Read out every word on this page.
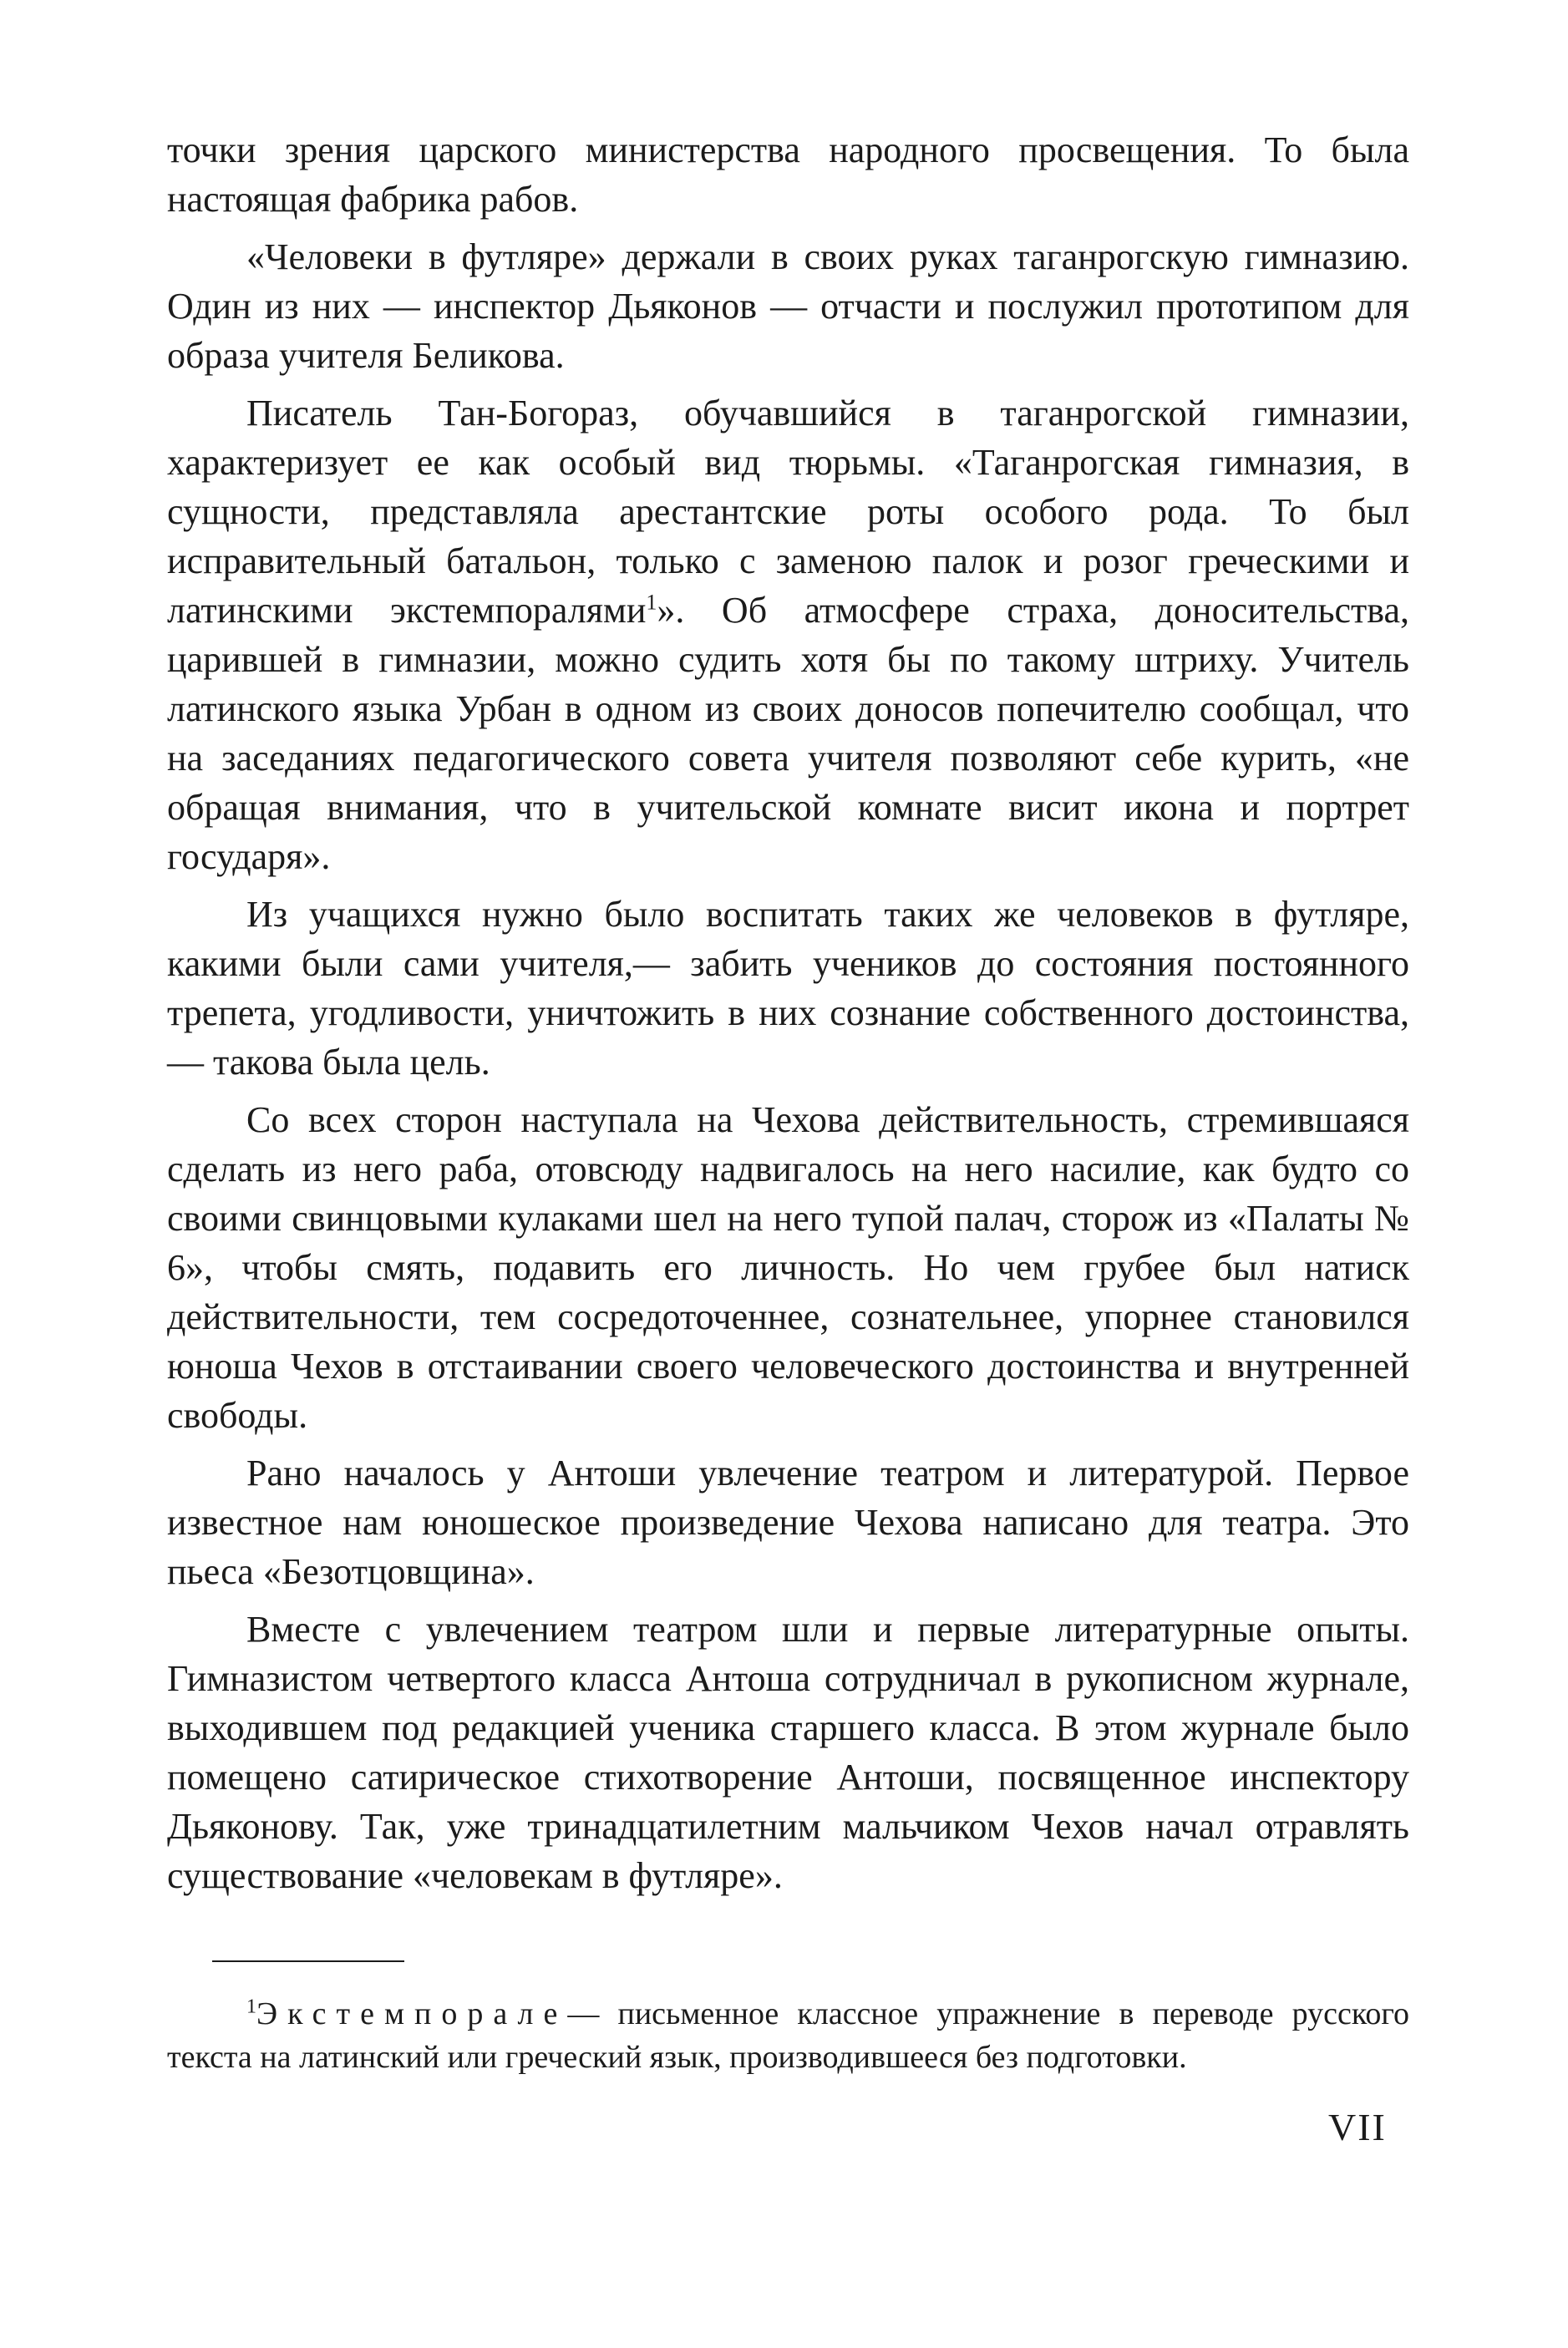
точки зрения царского министерства народного просвещения. То была настоящая фабрика рабов.

«Человеки в футляре» держали в своих руках таганрогскую гимназию. Один из них — инспектор Дьяконов — отчасти и послужил прототипом для образа учителя Беликова.

Писатель Тан-Богораз, обучавшийся в таганрогской гимназии, характеризует ее как особый вид тюрьмы. «Таганрогская гимназия, в сущности, представляла арестантские роты особого рода. То был исправительный батальон, только с заменою палок и розог греческими и латинскими экстемпоралями$^1$». Об атмосфере страха, доносительства, царившей в гимназии, можно судить хотя бы по такому штриху. Учитель латинского языка Урбан в одном из своих доносов попечителю сообщал, что на заседаниях педагогического совета учителя позволяют себе курить, «не обращая внимания, что в учительской комнате висит икона и портрет государя».

Из учащихся нужно было воспитать таких же человеков в футляре, какими были сами учителя,— забить учеников до состояния постоянного трепета, угодливости, уничтожить в них сознание собственного достоинства,— такова была цель.

Со всех сторон наступала на Чехова действительность, стремившаяся сделать из него раба, отовсюду надвигалось на него насилие, как будто со своими свинцовыми кулаками шел на него тупой палач, сторож из «Палаты № 6», чтобы смять, подавить его личность. Но чем грубее был натиск действительности, тем сосредоточеннее, сознательнее, упорнее становился юноша Чехов в отстаивании своего человеческого достоинства и внутренней свободы.

Рано началось у Антоши увлечение театром и литературой. Первое известное нам юношеское произведение Чехова написано для театра. Это пьеса «Безотцовщина».

Вместе с увлечением театром шли и первые литературные опыты. Гимназистом четвертого класса Антоша сотрудничал в рукописном журнале, выходившем под редакцией ученика старшего класса. В этом журнале было помещено сатирическое стихотворение Антоши, посвященное инспектору Дьяконову. Так, уже тринадцатилетним мальчиком Чехов начал отравлять существование «человекам в футляре».

$^1$Экстемпорале— письменное классное упражнение в переводе русского текста на латинский или греческий язык, производившееся без подготовки.

VII
